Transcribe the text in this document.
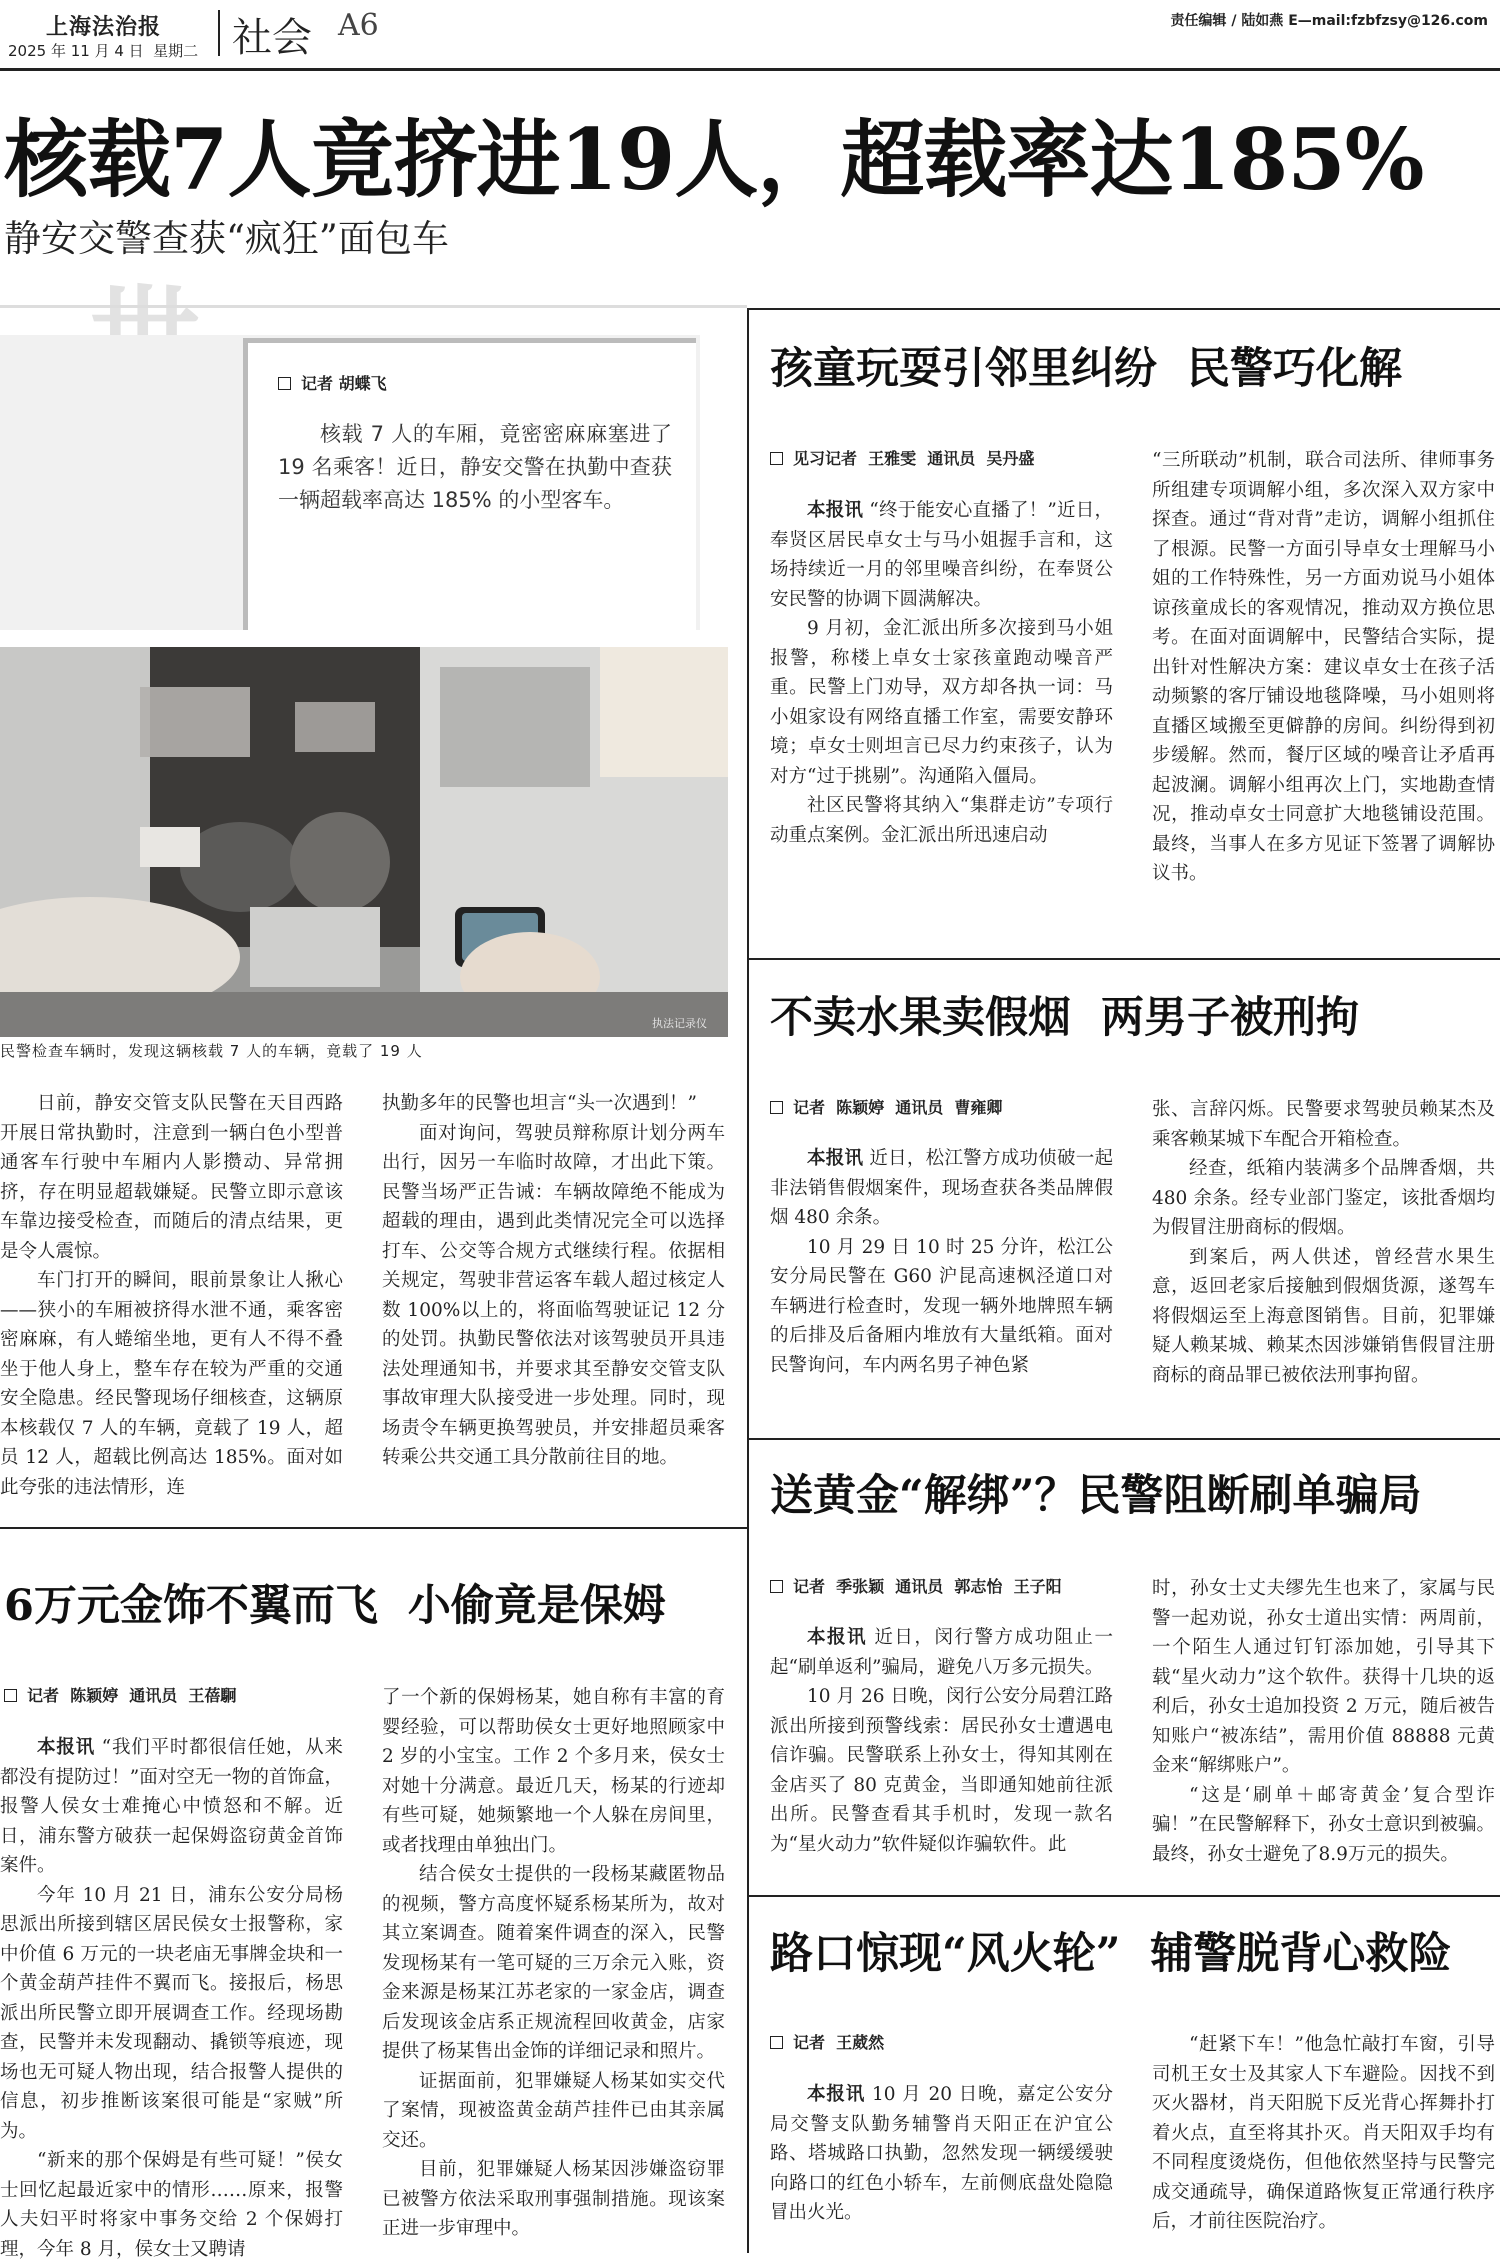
上海法治报
2025 年 11 月 4 日  星期二 社会 A6	责任编辑 / 陆如燕 E—mail:fzbfzsy@126.com
核载7人竟挤进19人，超载率达185%
静安交警查获“疯狂”面包车
记者 胡蝶飞

核载 7 人的车厢，竟密密麻麻塞进了 19 名乘客！近日，静安交警在执勤中查获一辆超载率高达 185% 的小型客车。

执法记录仪
民警检查车辆时，发现这辆核载 7 人的车辆，竟载了 19 人

日前，静安交管支队民警在天目西路开展日常执勤时，注意到一辆白色小型普通客车行驶中车厢内人影攒动、异常拥挤，存在明显超载嫌疑。民警立即示意该车靠边接受检查，而随后的清点结果，更是令人震惊。

车门打开的瞬间，眼前景象让人揪心——狭小的车厢被挤得水泄不通，乘客密密麻麻，有人蜷缩坐地，更有人不得不叠坐于他人身上，整车存在较为严重的交通安全隐患。经民警现场仔细核查，这辆原本核载仅 7 人的车辆，竟载了 19 人，超员 12 人，超载比例高达 185%。面对如此夸张的违法情形，连

执勤多年的民警也坦言“头一次遇到！”

面对询问，驾驶员辩称原计划分两车出行，因另一车临时故障，才出此下策。民警当场严正告诫：车辆故障绝不能成为超载的理由，遇到此类情况完全可以选择打车、公交等合规方式继续行程。依据相关规定，驾驶非营运客车载人超过核定人数 100%以上的，将面临驾驶证记 12 分的处罚。执勤民警依法对该驾驶员开具违法处理通知书，并要求其至静安交管支队事故审理大队接受进一步处理。同时，现场责令车辆更换驾驶员，并安排超员乘客转乘公共交通工具分散前往目的地。

孩童玩耍引邻里纠纷  民警巧化解
见习记者  王雅雯  通讯员  吴丹盛

本报讯 “终于能安心直播了！”近日，奉贤区居民卓女士与马小姐握手言和，这场持续近一月的邻里噪音纠纷，在奉贤公安民警的协调下圆满解决。

9 月初，金汇派出所多次接到马小姐报警，称楼上卓女士家孩童跑动噪音严重。民警上门劝导，双方却各执一词：马小姐家设有网络直播工作室，需要安静环境；卓女士则坦言已尽力约束孩子，认为对方“过于挑剔”。沟通陷入僵局。

社区民警将其纳入“集群走访”专项行动重点案例。金汇派出所迅速启动

“三所联动”机制，联合司法所、律师事务所组建专项调解小组，多次深入双方家中探查。通过“背对背”走访，调解小组抓住了根源。民警一方面引导卓女士理解马小姐的工作特殊性，另一方面劝说马小姐体谅孩童成长的客观情况，推动双方换位思考。在面对面调解中，民警结合实际，提出针对性解决方案：建议卓女士在孩子活动频繁的客厅铺设地毯降噪，马小姐则将直播区域搬至更僻静的房间。纠纷得到初步缓解。然而，餐厅区域的噪音让矛盾再起波澜。调解小组再次上门，实地勘查情况，推动卓女士同意扩大地毯铺设范围。最终，当事人在多方见证下签署了调解协议书。

不卖水果卖假烟  两男子被刑拘
记者  陈颖婷  通讯员  曹雍卿

本报讯 近日，松江警方成功侦破一起非法销售假烟案件，现场查获各类品牌假烟 480 余条。

10 月 29 日 10 时 25 分许，松江公安分局民警在 G60 沪昆高速枫泾道口对车辆进行检查时，发现一辆外地牌照车辆的后排及后备厢内堆放有大量纸箱。面对民警询问，车内两名男子神色紧

张、言辞闪烁。民警要求驾驶员赖某杰及乘客赖某城下车配合开箱检查。

经查，纸箱内装满多个品牌香烟，共 480 余条。经专业部门鉴定，该批香烟均为假冒注册商标的假烟。

到案后，两人供述，曾经营水果生意，返回老家后接触到假烟货源，遂驾车将假烟运至上海意图销售。目前，犯罪嫌疑人赖某城、赖某杰因涉嫌销售假冒注册商标的商品罪已被依法刑事拘留。

送黄金“解绑”？民警阻断刷单骗局
记者  季张颖  通讯员  郭志怡  王子阳

本报讯 近日，闵行警方成功阻止一起“刷单返利”骗局，避免八万多元损失。

10 月 26 日晚，闵行公安分局碧江路派出所接到预警线索：居民孙女士遭遇电信诈骗。民警联系上孙女士，得知其刚在金店买了 80 克黄金，当即通知她前往派出所。民警查看其手机时，发现一款名为“星火动力”软件疑似诈骗软件。此

时，孙女士丈夫缪先生也来了，家属与民警一起劝说，孙女士道出实情：两周前，一个陌生人通过钉钉添加她，引导其下载“星火动力”这个软件。获得十几块的返利后，孙女士追加投资 2 万元，随后被告知账户“被冻结”，需用价值 88888 元黄金来“解绑账户”。

“这是‘刷单＋邮寄黄金’复合型诈骗！”在民警解释下，孙女士意识到被骗。最终，孙女士避免了8.9万元的损失。

6万元金饰不翼而飞  小偷竟是保姆
记者  陈颖婷  通讯员  王蓓駉

本报讯 “我们平时都很信任她，从来都没有提防过！”面对空无一物的首饰盒，报警人侯女士难掩心中愤怒和不解。近日，浦东警方破获一起保姆盗窃黄金首饰案件。

今年 10 月 21 日，浦东公安分局杨思派出所接到辖区居民侯女士报警称，家中价值 6 万元的一块老庙无事牌金块和一个黄金葫芦挂件不翼而飞。接报后，杨思派出所民警立即开展调查工作。经现场勘查，民警并未发现翻动、撬锁等痕迹，现场也无可疑人物出现，结合报警人提供的信息，初步推断该案很可能是“家贼”所为。

“新来的那个保姆是有些可疑！”侯女士回忆起最近家中的情形……原来，报警人夫妇平时将家中事务交给 2 个保姆打理，今年 8 月，侯女士又聘请

了一个新的保姆杨某，她自称有丰富的育婴经验，可以帮助侯女士更好地照顾家中 2 岁的小宝宝。工作 2 个多月来，侯女士对她十分满意。最近几天，杨某的行迹却有些可疑，她频繁地一个人躲在房间里，或者找理由单独出门。

结合侯女士提供的一段杨某藏匿物品的视频，警方高度怀疑系杨某所为，故对其立案调查。随着案件调查的深入，民警发现杨某有一笔可疑的三万余元入账，资金来源是杨某江苏老家的一家金店，调查后发现该金店系正规流程回收黄金，店家提供了杨某售出金饰的详细记录和照片。

证据面前，犯罪嫌疑人杨某如实交代了案情，现被盗黄金葫芦挂件已由其亲属交还。

目前，犯罪嫌疑人杨某因涉嫌盗窃罪已被警方依法采取刑事强制措施。现该案正进一步审理中。

路口惊现“风火轮”  辅警脱背心救险
记者  王葳然

本报讯 10 月 20 日晚，嘉定公安分局交警支队勤务辅警肖天阳正在沪宜公路、塔城路口执勤，忽然发现一辆缓缓驶向路口的红色小轿车，左前侧底盘处隐隐冒出火光。

“赶紧下车！”他急忙敲打车窗，引导司机王女士及其家人下车避险。因找不到灭火器材，肖天阳脱下反光背心挥舞扑打着火点，直至将其扑灭。肖天阳双手均有不同程度烫烧伤，但他依然坚持与民警完成交通疏导，确保道路恢复正常通行秩序后，才前往医院治疗。
